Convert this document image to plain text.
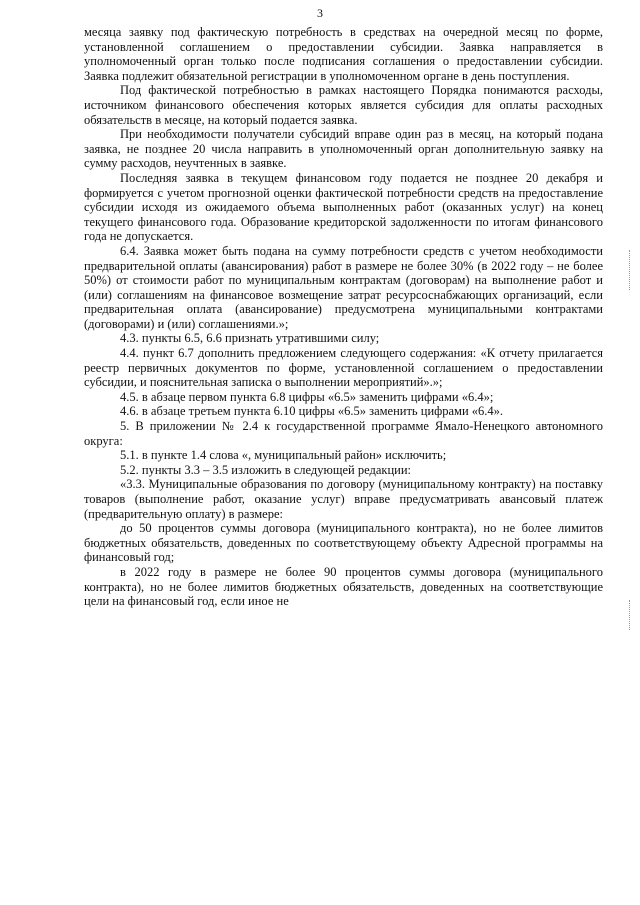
3

месяца заявку под фактическую потребность в средствах на очередной месяц по форме, установленной соглашением о предоставлении субсидии. Заявка направляется в уполномоченный орган только после подписания соглашения о предоставлении субсидии. Заявка подлежит обязательной регистрации в уполномоченном органе в день поступления.

Под фактической потребностью в рамках настоящего Порядка понимаются расходы, источником финансового обеспечения которых является субсидия для оплаты расходных обязательств в месяце, на который подается заявка.

При необходимости получатели субсидий вправе один раз в месяц, на который подана заявка, не позднее 20 числа направить в уполномоченный орган дополнительную заявку на сумму расходов, неучтенных в заявке.

Последняя заявка в текущем финансовом году подается не позднее 20 декабря и формируется с учетом прогнозной оценки фактической потребности средств на предоставление субсидии исходя из ожидаемого объема выполненных работ (оказанных услуг) на конец текущего финансового года. Образование кредиторской задолженности по итогам финансового года не допускается.

6.4. Заявка может быть подана на сумму потребности средств с учетом необходимости предварительной оплаты (авансирования) работ в размере не более 30% (в 2022 году – не более 50%) от стоимости работ по муниципальным контрактам (договорам) на выполнение работ и (или) соглашениям на финансовое возмещение затрат ресурсоснабжающих организаций, если предварительная оплата (авансирование) предусмотрена муниципальными контрактами (договорами) и (или) соглашениями.»;

4.3. пункты 6.5, 6.6 признать утратившими силу;

4.4. пункт 6.7 дополнить предложением следующего содержания: «К отчету прилагается реестр первичных документов по форме, установленной соглашением о предоставлении субсидии, и пояснительная записка о выполнении мероприятий».»;

4.5. в абзаце первом пункта 6.8 цифры «6.5» заменить цифрами «6.4»;

4.6. в абзаце третьем пункта 6.10 цифры «6.5» заменить цифрами «6.4».

5. В приложении № 2.4 к государственной программе Ямало-Ненецкого автономного округа:

5.1. в пункте 1.4 слова «, муниципальный район» исключить;

5.2. пункты 3.3 – 3.5 изложить в следующей редакции:

«3.3. Муниципальные образования по договору (муниципальному контракту) на поставку товаров (выполнение работ, оказание услуг) вправе предусматривать авансовый платеж (предварительную оплату) в размере:

до 50 процентов суммы договора (муниципального контракта), но не более лимитов бюджетных обязательств, доведенных по соответствующему объекту Адресной программы на финансовый год;

в 2022 году в размере не более 90 процентов суммы договора (муниципального контракта), но не более лимитов бюджетных обязательств, доведенных на соответствующие цели на финансовый год, если иное не
